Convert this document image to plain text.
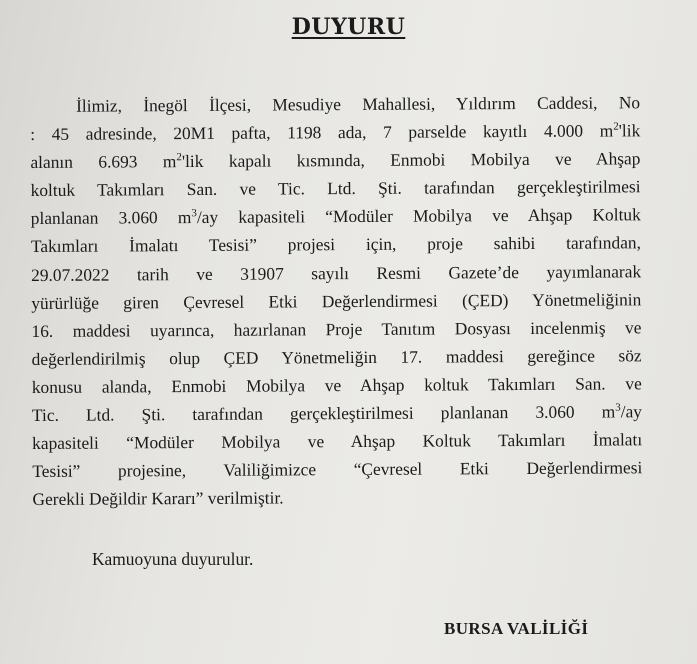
DUYURU
İlimiz, İnegöl İlçesi, Mesudiye Mahallesi, Yıldırım Caddesi, No
: 45 adresinde, 20M1 pafta, 1198 ada, 7 parselde kayıtlı 4.000 $m^2'lik$
alanın 6.693 $m^2'lik$ kapalı kısmında, Enmobi Mobilya ve Ahşap
koltuk Takımları San. ve Tic. Ltd. Şti. tarafından gerçekleştirilmesi
planlanan 3.060 $m^3/ay$ kapasiteli “Modüler Mobilya ve Ahşap Koltuk
Takımları İmalatı Tesisi” projesi için, proje sahibi tarafından,
29.07.2022 tarih ve 31907 sayılı Resmi Gazete’de yayımlanarak
yürürlüğe giren Çevresel Etki Değerlendirmesi (ÇED) Yönetmeliğinin
16. maddesi uyarınca, hazırlanan Proje Tanıtım Dosyası incelenmiş ve
değerlendirilmiş olup ÇED Yönetmeliğin 17. maddesi gereğince söz
konusu alanda, Enmobi Mobilya ve Ahşap koltuk Takımları San. ve
Tic. Ltd. Şti. tarafından gerçekleştirilmesi planlanan 3.060 $m^3/ay$
kapasiteli “Modüler Mobilya ve Ahşap Koltuk Takımları İmalatı
Tesisi” projesine, Valiliğimizce “Çevresel Etki Değerlendirmesi
Gerekli Değildir Kararı” verilmiştir.
Kamuoyuna duyurulur.
BURSA VALİLİĞİ
